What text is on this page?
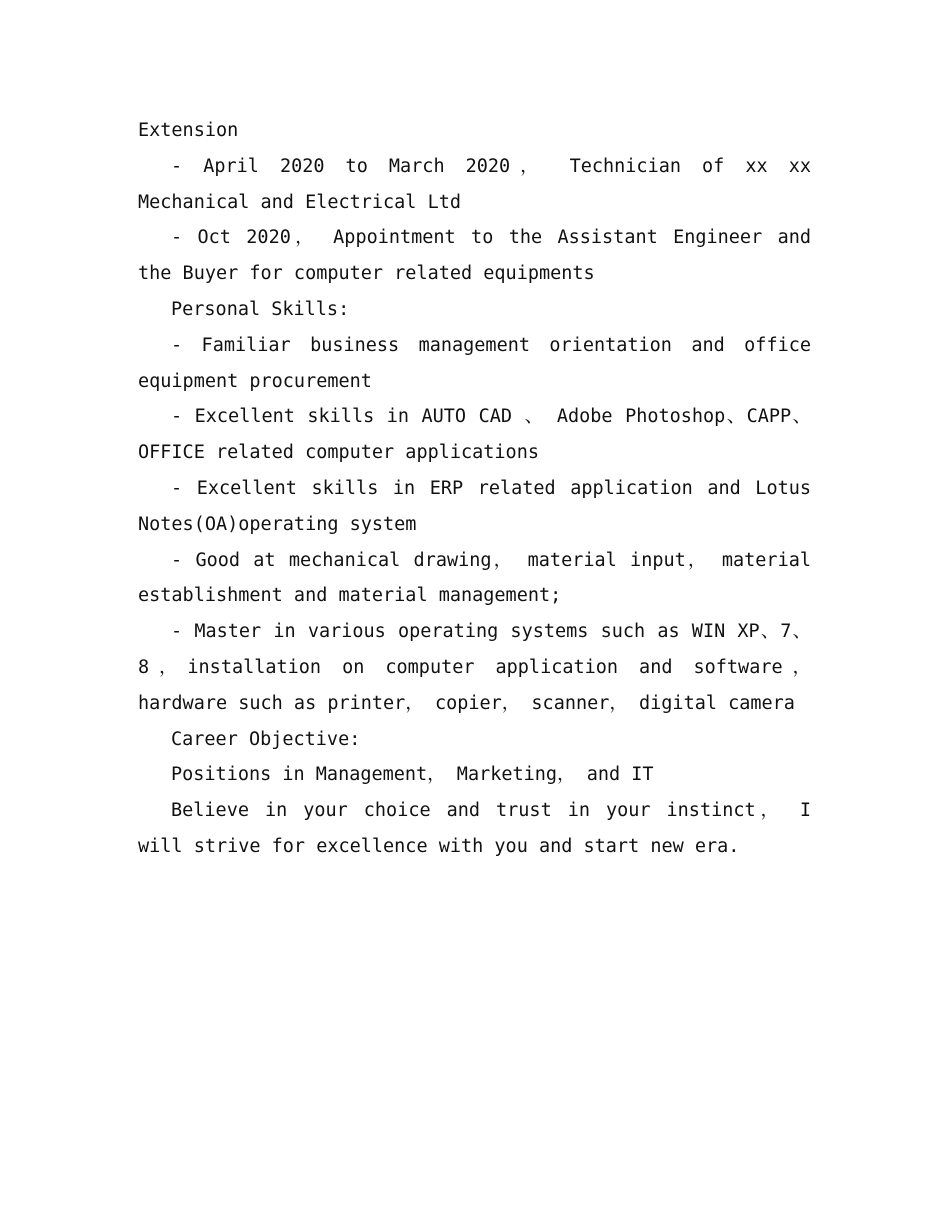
Extension

- April 2020 to March 2020， Technician of xx xx Mechanical and Electrical Ltd

- Oct 2020， Appointment to the Assistant Engineer and the Buyer for computer related equipments

Personal Skills:

- Familiar business management orientation and office equipment procurement

- Excellent skills in AUTO CAD 、 Adobe Photoshop、CAPP、OFFICE related computer applications

- Excellent skills in ERP related application and Lotus Notes(OA)operating system

- Good at mechanical drawing， material input， material establishment and material management;

- Master in various operating systems such as WIN XP、7、8，installation on computer application and software，hardware such as printer， copier， scanner， digital camera

Career Objective:

Positions in Management， Marketing， and IT

Believe in your choice and trust in your instinct， I will strive for excellence with you and start new era.
